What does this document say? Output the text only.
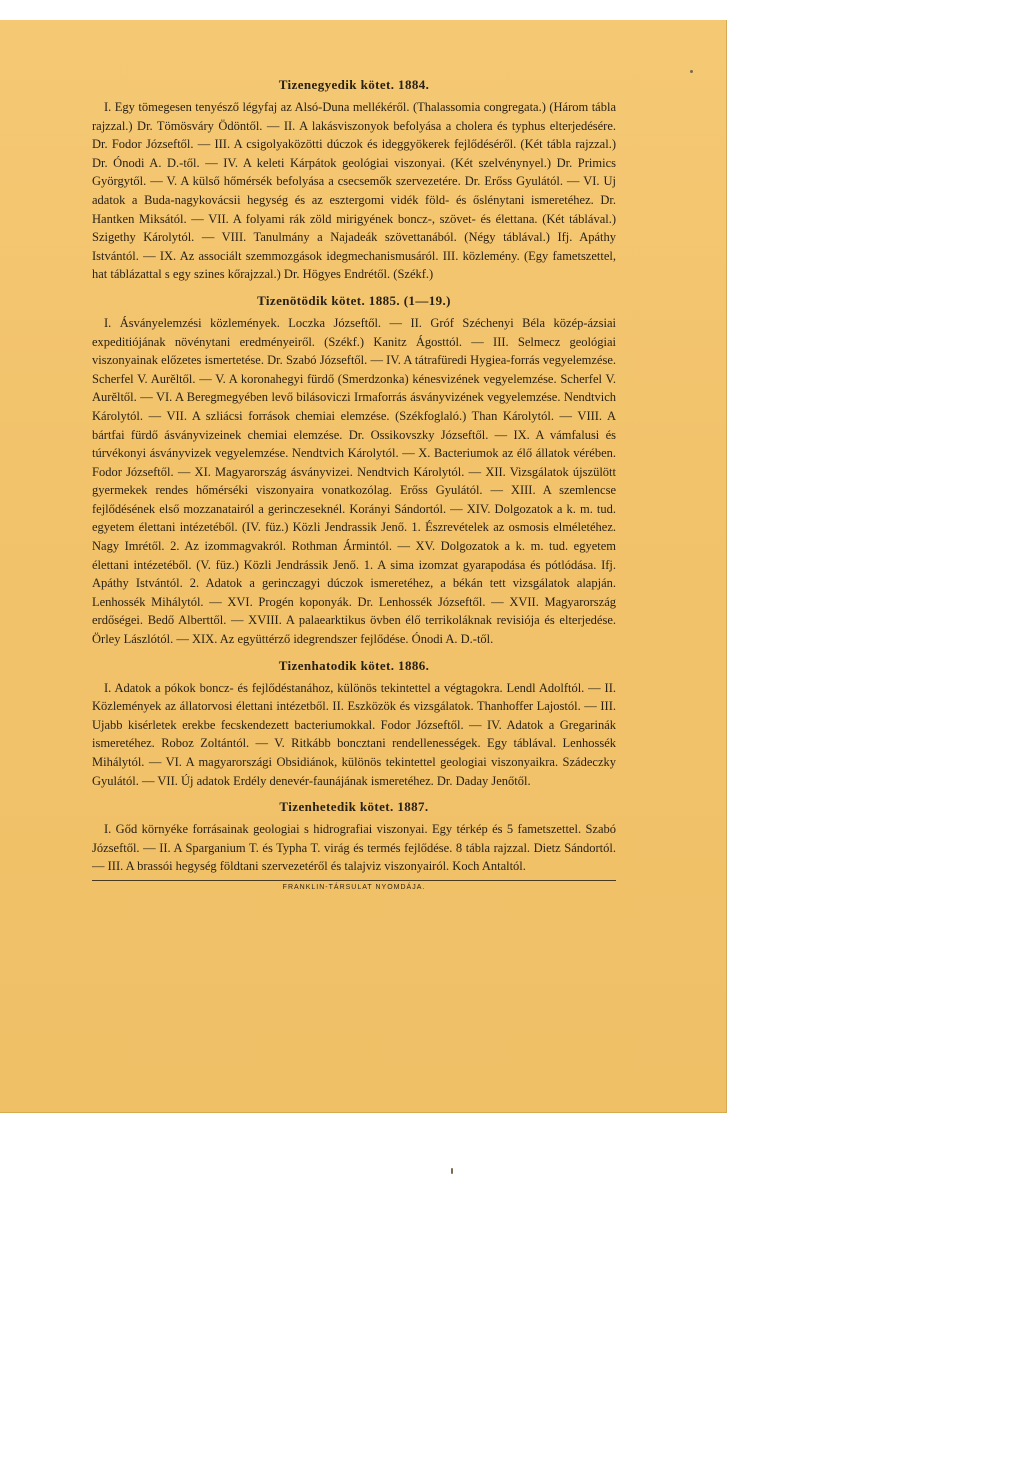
Tizenegyedik kötet. 1884.

I. Egy tömegesen tenyésző légyfaj az Alsó-Duna mellékéről. (Thalassomia congregata.) (Három tábla rajzzal.) Dr. Tömösváry Ödöntől. — II. A lakásviszonyok befolyása a cholera és typhus elterjedésére. Dr. Fodor Józseftől. — III. A csigolyaközötti dúczok és ideggyökerek fejlődéséről. (Két tábla rajzzal.) Dr. Ónodi A. D.-től. — IV. A keleti Kárpátok geológiai viszonyai. (Két szelvénynyel.) Dr. Primics Györgytől. — V. A külső hőmérsék befolyása a csecsemők szervezetére. Dr. Erőss Gyulától. — VI. Uj adatok a Buda-nagykovácsii hegység és az esztergomi vidék föld- és őslénytani ismeretéhez. Dr. Hantken Miksától. — VII. A folyami rák zöld mirigyének boncz-, szövet- és élettana. (Két táblával.) Szigethy Károlytól. — VIII. Tanulmány a Najadeák szövettanából. (Négy táblával.) Ifj. Apáthy Istvántól. — IX. Az associált szemmozgások idegmechanismusáról. III. közlemény. (Egy fametszettel, hat táblázattal s egy szines kőrajzzal.) Dr. Högyes Endrétől. (Székf.)

Tizenötödik kötet. 1885. (1—19.)

I. Ásványelemzési közlemények. Loczka Józseftől. — II. Gróf Széchenyi Béla közép-ázsiai expeditiójának növénytani eredményeiről. (Székf.) Kanitz Ágosttól. — III. Selmecz geológiai viszonyainak előzetes ismertetése. Dr. Szabó Józseftől. — IV. A tátrafüredi Hygiea-forrás vegyelemzése. Scherfel V. Aurěltől. — V. A koronahegyi fürdő (Smerdzonka) kénesvizének vegyelemzése. Scherfel V. Aurěltől. — VI. A Beregmegyében levő bilásoviczi Irmaforrás ásványvizének vegyelemzése. Nendtvich Károlytól. — VII. A szliácsi források chemiai elemzése. (Székfoglaló.) Than Károlytól. — VIII. A bártfai fürdő ásványvizeinek chemiai elemzése. Dr. Ossikovszky Józseftől. — IX. A vámfalusi és túrvékonyi ásványvizek vegyelemzése. Nendtvich Károlytól. — X. Bacteriumok az élő állatok vérében. Fodor Józseftől. — XI. Magyarország ásványvizei. Nendtvich Károlytól. — XII. Vizsgálatok újszülött gyermekek rendes hőmérséki viszonyaira vonatkozólag. Erőss Gyulától. — XIII. A szemlencse fejlődésének első mozzanatairól a gerinczeseknél. Korányi Sándortól. — XIV. Dolgozatok a k. m. tud. egyetem élettani intézetéből. (IV. füz.) Közli Jendrassik Jenő. 1. Észrevételek az osmosis elméletéhez. Nagy Imrétől. 2. Az izommagvakról. Rothman Ármintól. — XV. Dolgozatok a k. m. tud. egyetem élettani intézetéből. (V. füz.) Közli Jendrássik Jenő. 1. A sima izomzat gyarapodása és pótlódása. Ifj. Apáthy Istvántól. 2. Adatok a gerinczagyi dúczok ismeretéhez, a békán tett vizsgálatok alapján. Lenhossék Mihálytól. — XVI. Progén koponyák. Dr. Lenhossék Józseftől. — XVII. Magyarország erdőségei. Bedő Alberttől. — XVIII. A palaearktikus övben élő terrikoláknak revisiója és elterjedése. Örley Lászlótól. — XIX. Az együttérző idegrendszer fejlődése. Ónodi A. D.-től.

Tizenhatodik kötet. 1886.

I. Adatok a pókok boncz- és fejlődéstanához, különös tekintettel a végtagokra. Lendl Adolftól. — II. Közlemények az állatorvosi élettani intézetből. II. Eszközök és vizsgálatok. Thanhoffer Lajostól. — III. Ujabb kisérletek erekbe fecskendezett bacteriumokkal. Fodor Józseftől. — IV. Adatok a Gregarinák ismeretéhez. Roboz Zoltántól. — V. Ritkább boncztani rendellenességek. Egy táblával. Lenhossék Mihálytól. — VI. A magyarországi Obsidiánok, különös tekintettel geologiai viszonyaikra. Szádeczky Gyulától. — VII. Új adatok Erdély denevér-faunájának ismeretéhez. Dr. Daday Jenőtől.

Tizenhetedik kötet. 1887.

I. Gőd környéke forrásainak geologiai s hidrografiai viszonyai. Egy térkép és 5 fametszettel. Szabó Józseftől. — II. A Sparganium T. és Typha T. virág és termés fejlődése. 8 tábla rajzzal. Dietz Sándortól. — III. A brassói hegység földtani szervezetéről és talajviz viszonyairól. Koch Antaltól.

FRANKLIN-TÁRSULAT NYOMDÁJA.
